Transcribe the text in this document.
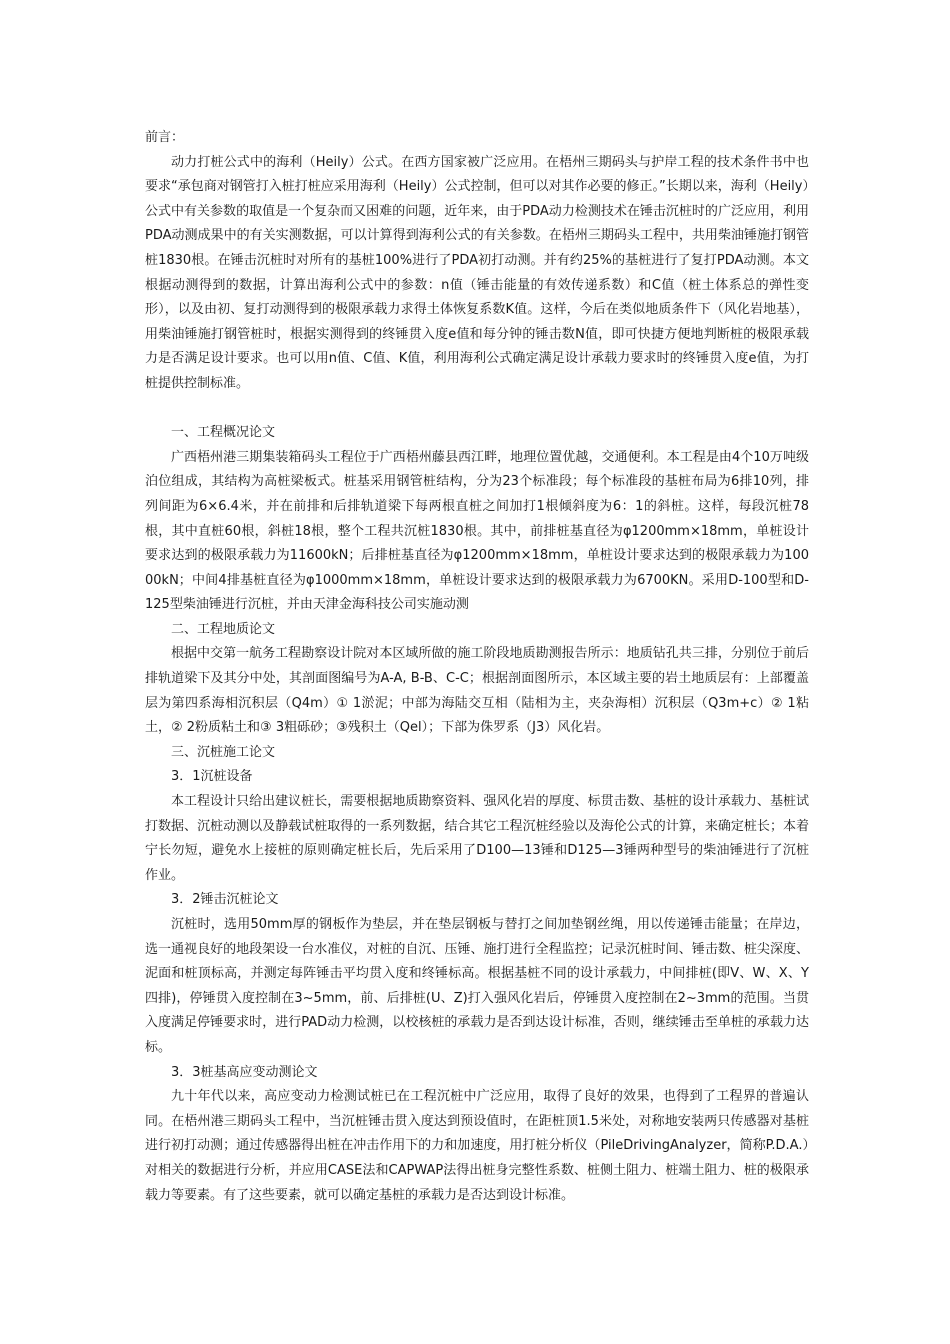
前言：

动力打桩公式中的海利（Heily）公式。在西方国家被广泛应用。在梧州三期码头与护岸工程的技术条件书中也要求“承包商对钢管打入桩打桩应采用海利（Heily）公式控制，但可以对其作必要的修正。”长期以来，海利（Heily）公式中有关参数的取值是一个复杂而又困难的问题，近年来，由于PDA动力检测技术在锤击沉桩时的广泛应用，利用PDA动测成果中的有关实测数据，可以计算得到海利公式的有关参数。在梧州三期码头工程中，共用柴油锤施打钢管桩1830根。在锤击沉桩时对所有的基桩100%进行了PDA初打动测。并有约25%的基桩进行了复打PDA动测。本文根据动测得到的数据，计算出海利公式中的参数：n值（锤击能量的有效传递系数）和C值（桩土体系总的弹性变形），以及由初、复打动测得到的极限承载力求得土体恢复系数K值。这样，今后在类似地质条件下（风化岩地基），用柴油锤施打钢管桩时，根据实测得到的终锤贯入度e值和每分钟的锤击数N值，即可快捷方便地判断桩的极限承载力是否满足设计要求。也可以用n值、C值、K值，利用海利公式确定满足设计承载力要求时的终锤贯入度e值，为打桩提供控制标准。

一、工程概况论文

广西梧州港三期集装箱码头工程位于广西梧州藤县西江畔，地理位置优越，交通便利。本工程是由4个10万吨级泊位组成，其结构为高桩梁板式。桩基采用钢管桩结构，分为23个标准段；每个标准段的基桩布局为6排10列，排列间距为6×6.4米，并在前排和后排轨道梁下每两根直桩之间加打1根倾斜度为6：1的斜桩。这样，每段沉桩78根，其中直桩60根，斜桩18根，整个工程共沉桩1830根。其中，前排桩基直径为φ1200mm×18mm，单桩设计要求达到的极限承载力为11600kN；后排桩基直径为φ1200mm×18mm，单桩设计要求达到的极限承载力为10000kN；中间4排基桩直径为φ1000mm×18mm，单桩设计要求达到的极限承载力为6700KN。采用D-100型和D-125型柴油锤进行沉桩，并由天津金海科技公司实施动测

二、工程地质论文

根据中交第一航务工程勘察设计院对本区域所做的施工阶段地质勘测报告所示：地质钻孔共三排，分别位于前后排轨道梁下及其分中处，其剖面图编号为A-A, B-B、C-C；根据剖面图所示，本区域主要的岩土地质层有：上部覆盖层为第四系海相沉积层（Q4m）① 1淤泥；中部为海陆交互相（陆相为主，夹杂海相）沉积层（Q3m+c）② 1粘土，② 2粉质粘土和③ 3粗砾砂；③残积土（Qel）；下部为侏罗系（J3）风化岩。

三、沉桩施工论文

3．1沉桩设备

本工程设计只给出建议桩长，需要根据地质勘察资料、强风化岩的厚度、标贯击数、基桩的设计承载力、基桩试打数据、沉桩动测以及静载试桩取得的一系列数据，结合其它工程沉桩经验以及海伦公式的计算，来确定桩长；本着宁长勿短，避免水上接桩的原则确定桩长后，先后采用了D100—13锤和D125—3锤两种型号的柴油锤进行了沉桩作业。

3．2锤击沉桩论文

沉桩时，选用50mm厚的钢板作为垫层，并在垫层钢板与替打之间加垫钢丝绳，用以传递锤击能量；在岸边，选一通视良好的地段架设一台水准仪，对桩的自沉、压锤、施打进行全程监控；记录沉桩时间、锤击数、桩尖深度、泥面和桩顶标高，并测定每阵锤击平均贯入度和终锤标高。根据基桩不同的设计承载力，中间排桩(即V、W、X、Y四排)，停锤贯入度控制在3~5mm，前、后排桩(U、Z)打入强风化岩后，停锤贯入度控制在2~3mm的范围。当贯入度满足停锤要求时，进行PAD动力检测，以校核桩的承载力是否到达设计标准，否则，继续锤击至单桩的承载力达标。

3．3桩基高应变动测论文

九十年代以来，高应变动力检测试桩已在工程沉桩中广泛应用，取得了良好的效果，也得到了工程界的普遍认同。在梧州港三期码头工程中，当沉桩锤击贯入度达到预设值时，在距桩顶1.5米处，对称地安装两只传感器对基桩进行初打动测；通过传感器得出桩在冲击作用下的力和加速度，用打桩分析仪（PileDrivingAnalyzer，简称P.D.A.）对相关的数据进行分析，并应用CASE法和CAPWAP法得出桩身完整性系数、桩侧土阻力、桩端土阻力、桩的极限承载力等要素。有了这些要素，就可以确定基桩的承载力是否达到设计标准。
